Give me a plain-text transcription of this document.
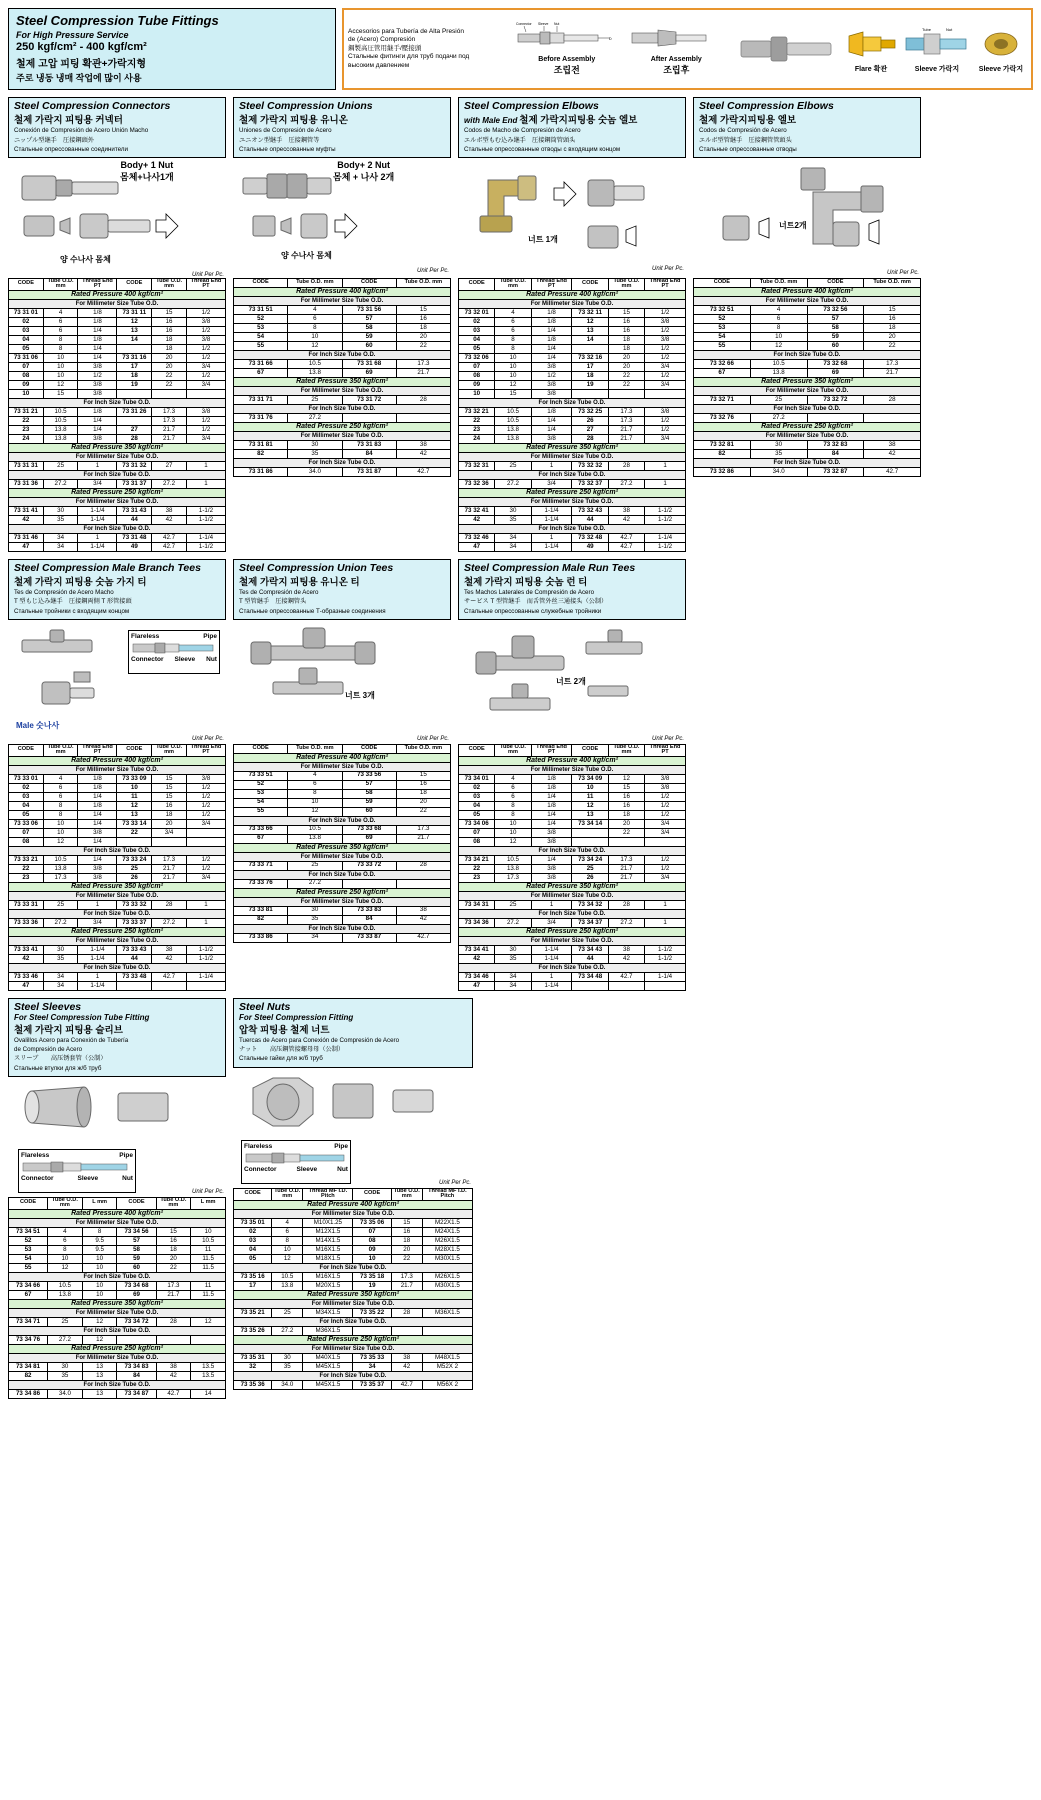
Steel Compression Tube Fittings
For High Pressure Service
250 kgf/cm² - 400 kgf/cm²
철제 고압 피팅 확관+가락지형
주로 냉동 냉매 작업에 많이 사용
Accesorios para Tubería de Alta Presión
de (Acero) Compresión
鋼製高圧管用継手/壓接頭
Стальные фитинги для труб подачи под
высоким давлением
Connector Sleeve Nut
D
Before Assembly
조립전
After Assembly
조립후	Flare 확관
Tube	Nut
Sleeve 가락지	Sleeve 가락지
Steel Compression Connectors
철제 가락지 피팅용 커넥터
Conexión de Compresión de Acero Unión Macho
ニップル型継手　圧接鋼頭外
Стальные опрессованные соединители
Body+ 1 Nut
몸체+나사1개
양 수나사 몸체
Unit Per Pc.
CODE	Tube O.D. mm	Thread End PT	CODE	Tube O.D. mm	Thread End PT
Rated Pressure 400 kgf/cm²					
For Millimeter Size Tube O.D.					
73 31 01	4	1/8	73 31 11	15	1/2
02	6	1/8	12	16	3/8
03	6	1/4	13	16	1/2
04	8	1/8	14	18	3/8
05	8	1/4		18	1/2
73 31 06	10	1/4	73 31 16	20	1/2
07	10	3/8	17	20	3/4
08	10	1/2	18	22	1/2
09	12	3/8	19	22	3/4
10	15	3/8			
For Inch Size Tube O.D.					
73 31 21	10.5	1/8	73 31 26	17.3	3/8
22	10.5	1/4		17.3	1/2
23	13.8	1/4	27	21.7	1/2
24	13.8	3/8	28	21.7	3/4
Rated Pressure 350 kgf/cm²					
For Millimeter Size Tube O.D.					
73 31 31	25	1	73 31 32	27	1
For Inch Size Tube O.D.					
73 31 36	27.2	3/4	73 31 37	27.2	1
Rated Pressure 250 kgf/cm²					
For Millimeter Size Tube O.D.					
73 31 41	30	1-1/4	73 31 43	38	1-1/2
42	35	1-1/4	44	42	1-1/2
For Inch Size Tube O.D.					
73 31 46	34	1	73 31 48	42.7	1-1/4
47	34	1-1/4	49	42.7	1-1/2
Steel Compression Unions
철제 가락지 피팅용 유니온
Uniones de Compresión de Acero
ユニオン型継手　圧接鋼管等
Стальные опрессованные муфты
Body+ 2 Nut
몸체 + 나사 2개
양 수나사 몸체
Unit Per Pc.
CODE	Tube O.D. mm	CODE	Tube O.D. mm
Rated Pressure 400 kgf/cm²			
For Millimeter Size Tube O.D.			
73 31 51	4	73 31 56	15
52	6	57	16
53	8	58	18
54	10	59	20
55	12	60	22
For Inch Size Tube O.D.			
73 31 66	10.5	73 31 68	17.3
67	13.8	69	21.7
Rated Pressure 350 kgf/cm²			
For Millimeter Size Tube O.D.			
73 31 71	25	73 31 72	28
For Inch Size Tube O.D.			
73 31 76	27.2		
Rated Pressure 250 kgf/cm²			
For Millimeter Size Tube O.D.			
73 31 81	30	73 31 83	38
82	35	84	42
For Inch Size Tube O.D.			
73 31 86	34.0	73 31 87	42.7
Steel Compression Elbows
with Male End 철제 가락지피팅용 숫놈 엘보
Codos de Macho de Compresión de Acero
エルボ型もむ込み継手　圧接鋼筒管頭头
Стальные опрессованные отводы с входящим концом
너트 1개
Unit Per Pc.
CODE	Tube O.D. mm	Thread End PT	CODE	Tube O.D. mm	Thread End PT
Rated Pressure 400 kgf/cm²					
For Millimeter Size Tube O.D.					
73 32 01	4	1/8	73 32 11	15	1/2
02	6	1/8	12	16	3/8
03	6	1/4	13	16	1/2
04	8	1/8	14	18	3/8
05	8	1/4		18	1/2
73 32 06	10	1/4	73 32 16	20	1/2
07	10	3/8	17	20	3/4
08	10	1/2	18	22	1/2
09	12	3/8	19	22	3/4
10	15	3/8			
For Inch Size Tube O.D.					
73 32 21	10.5	1/8	73 32 25	17.3	3/8
22	10.5	1/4	26	17.3	1/2
23	13.8	1/4	27	21.7	1/2
24	13.8	3/8	28	21.7	3/4
Rated Pressure 350 kgf/cm²					
For Millimeter Size Tube O.D.					
73 32 31	25	1	73 32 32	28	1
For Inch Size Tube O.D.					
73 32 36	27.2	3/4	73 32 37	27.2	1
Rated Pressure 250 kgf/cm²					
For Millimeter Size Tube O.D.					
73 32 41	30	1-1/4	73 32 43	38	1-1/2
42	35	1-1/4	44	42	1-1/2
For Inch Size Tube O.D.					
73 32 46	34	1	73 32 48	42.7	1-1/4
47	34	1-1/4	49	42.7	1-1/2
Steel Compression Elbows
철제 가락지피팅용 엘보
Codos de Compresión de Acero
エルボ型管継手　圧接鋼管管頭头
Стальные опрессованные отводы
너트2개
Unit Per Pc.
CODE	Tube O.D. mm	CODE	Tube O.D. mm
Rated Pressure 400 kgf/cm²			
For Millimeter Size Tube O.D.			
73 32 51	4	73 32 56	15
52	6	57	16
53	8	58	18
54	10	59	20
55	12	60	22
For Inch Size Tube O.D.			
73 32 66	10.5	73 32 68	17.3
67	13.8	69	21.7
Rated Pressure 350 kgf/cm²			
For Millimeter Size Tube O.D.			
73 32 71	25	73 32 72	28
For Inch Size Tube O.D.			
73 32 76	27.2		
Rated Pressure 250 kgf/cm²			
For Millimeter Size Tube O.D.			
73 32 81	30	73 32 83	38
82	35	84	42
For Inch Size Tube O.D.			
73 32 86	34.0	73 32 87	42.7
Steel Compression Male Branch Tees
철제 가락지 피팅용 숫놈 가지 티
Tes de Compresión de Acero Macho
T 型もじ込み継手　圧接鋼両側 T 形管接頭
Стальные тройники с входящим концом
Flareless	Pipe
Connector Sleeve Nut
Male 숫나사
Unit Per Pc.
CODE	Tube O.D. mm	Thread End PT	CODE	Tube O.D. mm	Thread End PT
Rated Pressure 400 kgf/cm²					
For Millimeter Size Tube O.D.					
73 33 01	4	1/8	73 33 09	15	3/8
02	6	1/8	10	15	1/2
03	6	1/4	11	15	1/2
04	8	1/8	12	16	1/2
05	8	1/4	13	18	1/2
73 33 06	10	1/4	73 33 14	20	3/4
07	10	3/8	22	3/4	
08	12	1/4			
For Inch Size Tube O.D.					
73 33 21	10.5	1/4	73 33 24	17.3	1/2
22	13.8	3/8	25	21.7	1/2
23	17.3	3/8	26	21.7	3/4
Rated Pressure 350 kgf/cm²					
For Millimeter Size Tube O.D.					
73 33 31	25	1	73 33 32	28	1
For Inch Size Tube O.D.					
73 33 36	27.2	3/4	73 33 37	27.2	1
Rated Pressure 250 kgf/cm²					
For Millimeter Size Tube O.D.					
73 33 41	30	1-1/4	73 33 43	38	1-1/2
42	35	1-1/4	44	42	1-1/2
For Inch Size Tube O.D.					
73 33 46	34	1	73 33 48	42.7	1-1/4
47	34	1-1/4			
Steel Compression Union Tees
철제 가락지 피팅용 유니온 티
Tes de Compresión de Acero
T 型管継手　圧接鋼管头
Стальные опрессованные Т-образные соединения
너트 3개
Unit Per Pc.
CODE	Tube O.D. mm	CODE	Tube O.D. mm
Rated Pressure 400 kgf/cm²			
For Millimeter Size Tube O.D.			
73 33 51	4	73 33 56	15
52	6	57	16
53	8	58	18
54	10	59	20
55	12	60	22
For Inch Size Tube O.D.			
73 33 66	10.5	73 33 68	17.3
67	13.8	69	21.7
Rated Pressure 350 kgf/cm²			
For Millimeter Size Tube O.D.			
73 33 71	25	73 33 72	28
For Inch Size Tube O.D.			
73 33 76	27.2		
Rated Pressure 250 kgf/cm²			
For Millimeter Size Tube O.D.			
73 33 81	30	73 33 83	38
82	35	84	42
For Inch Size Tube O.D.			
73 33 86	34	73 33 87	42.7
Steel Compression Male Run Tees
철제 가락지 피팅용 숫놈 런 티
Tes Machos Laterales de Compresión de Acero
サービス T 型管継手　而舌管外丝三通接头（公制）
Стальные опрессованные служебные тройники
너트 2개
Unit Per Pc.
CODE	Tube O.D. mm	Thread End PT	CODE	Tube O.D. mm	Thread End PT
Rated Pressure 400 kgf/cm²					
For Millimeter Size Tube O.D.					
73 34 01	4	1/8	73 34 09	12	3/8
02	6	1/8	10	15	3/8
03	6	1/4	11	16	1/2
04	8	1/8	12	16	1/2
05	8	1/4	13	18	1/2
73 34 06	10	1/4	73 34 14	20	3/4
07	10	3/8		22	3/4
08	12	3/8			
For Inch Size Tube O.D.					
73 34 21	10.5	1/4	73 34 24	17.3	1/2
22	13.8	3/8	25	21.7	1/2
23	17.3	3/8	26	21.7	3/4
Rated Pressure 350 kgf/cm²					
For Millimeter Size Tube O.D.					
73 34 31	25	1	73 34 32	28	1
For Inch Size Tube O.D.					
73 34 36	27.2	3/4	73 34 37	27.2	1
Rated Pressure 250 kgf/cm²					
For Millimeter Size Tube O.D.					
73 34 41	30	1-1/4	73 34 43	38	1-1/2
42	35	1-1/4	44	42	1-1/2
For Inch Size Tube O.D.					
73 34 46	34	1	73 34 48	42.7	1-1/4
47	34	1-1/4			
Steel Sleeves
For Steel Compression Tube Fitting
철제 가락지 피팅용 슬리브
Ovalillos Acero para Conexión de Tubería
de Compresión de Acero
スリーブ　　高压锈套管（公制）
Стальные втулки для ж/б труб
Flareless	Pipe
Connector	Sleeve	Nut
Unit Per Pc.
CODE	Tube O.D. mm	L mm	CODE	Tube O.D. mm	L mm
Rated Pressure 400 kgf/cm²					
For Millimeter Size Tube O.D.					
73 34 51	4	8	73 34 56	15	10
52	6	9.5	57	16	10.5
53	8	9.5	58	18	11
54	10	10	59	20	11.5
55	12	10	60	22	11.5
For Inch Size Tube O.D.					
73 34 66	10.5	10	73 34 68	17.3	11
67	13.8	10	69	21.7	11.5
Rated Pressure 350 kgf/cm²					
For Millimeter Size Tube O.D.					
73 34 71	25	12	73 34 72	28	12
For Inch Size Tube O.D.					
73 34 76	27.2	12			
Rated Pressure 250 kgf/cm²					
For Millimeter Size Tube O.D.					
73 34 81	30	13	73 34 83	38	13.5
82	35	13	84	42	13.5
For Inch Size Tube O.D.					
73 34 86	34.0	13	73 34 87	42.7	14
Steel Nuts
For Steel Compression Fitting
압착 피팅용 철제 너트
Tuercas de Acero para Conexión de Compresión de Acero
ナット　　高压鋼管接螺母母（公制）
Стальные гайки для ж/б труб
Flareless	Pipe
Connector	Sleeve	Nut
Unit Per Pc.
CODE	Tube O.D. mm	Thread MF I.D. Pitch	CODE	Tube O.D. mm	Thread MF I.D. Pitch
Rated Pressure 400 kgf/cm²					
For Millimeter Size Tube O.D.					
73 35 01	4	M10X1.25	73 35 06	15	M22X1.5
02	6	M12X1.5	07	16	M24X1.5
03	8	M14X1.5	08	18	M26X1.5
04	10	M16X1.5	09	20	M28X1.5
05	12	M18X1.5	10	22	M30X1.5
For Inch Size Tube O.D.					
73 35 16	10.5	M16X1.5	73 35 18	17.3	M26X1.5
17	13.8	M20X1.5	19	21.7	M30X1.5
Rated Pressure 350 kgf/cm²					
For Millimeter Size Tube O.D.					
73 35 21	25	M34X1.5	73 35 22	28	M36X1.5
For Inch Size Tube O.D.					
73 35 26	27.2	M36X1.5			
Rated Pressure 250 kgf/cm²					
For Millimeter Size Tube O.D.					
73 35 31	30	M40X1.5	73 35 33	38	M48X1.5
32	35	M45X1.5	34	42	M52X 2
For Inch Size Tube O.D.					
73 35 36	34.0	M45X1.5	73 35 37	42.7	M56X 2
